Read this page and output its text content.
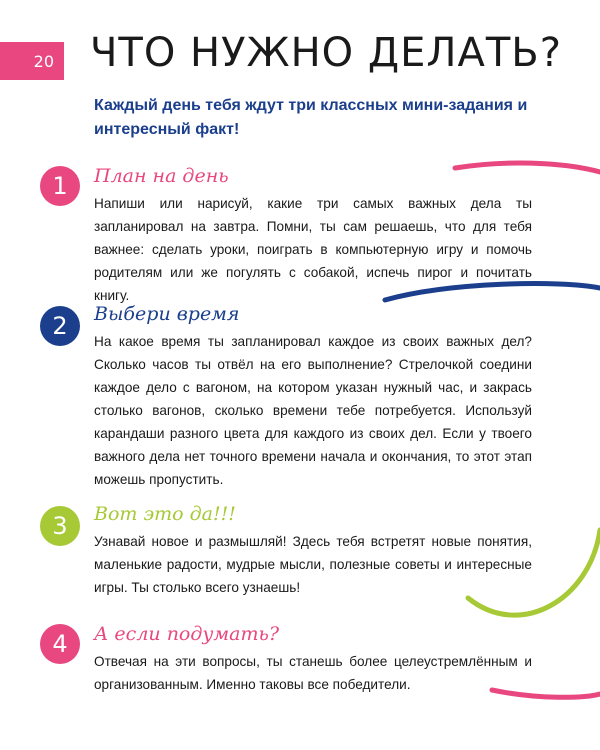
20 ЧТО НУЖНО ДЕЛАТЬ?

Каждый день тебя ждут три классных мини-задания и интересный факт!

1 План на день

Напиши или нарисуй, какие три самых важных дела ты запланировал на завтра. Помни, ты сам решаешь, что для тебя важнее: сделать уроки, поиграть в компьютерную игру и помочь родителям или же погулять с собакой, испечь пирог и почитать книгу.

2 Выбери время

На какое время ты запланировал каждое из своих важных дел? Сколько часов ты отвёл на его выполнение? Стрелочкой соедини каждое дело с вагоном, на котором указан нужный час, и закрась столько вагонов, сколько времени тебе потребуется. Используй карандаши разного цвета для каждого из своих дел. Если у твоего важного дела нет точного времени начала и окончания, то этот этап можешь пропустить.

3 Вот это да!!!

Узнавай новое и размышляй! Здесь тебя встретят новые понятия, маленькие радости, мудрые мысли, полезные советы и интересные игры. Ты столько всего узнаешь!

4 А если подумать?

Отвечая на эти вопросы, ты станешь более целеустремлённым и организованным. Именно таковы все победители.
